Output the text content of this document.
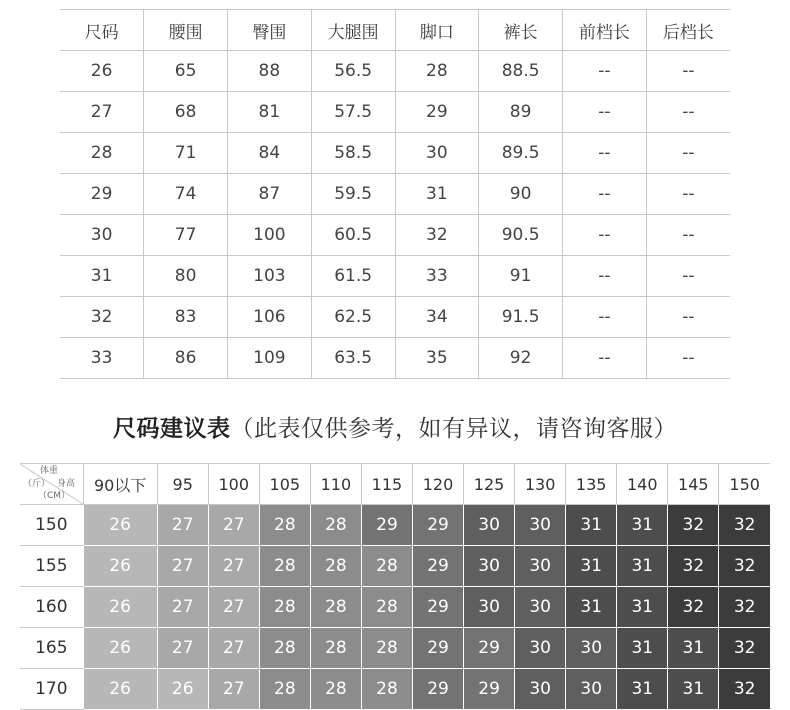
尺码	腰围	臀围	大腿围	脚口	裤长	前档长	后档长
26	65	88	56.5	28	88.5	--	--
27	68	81	57.5	29	89	--	--
28	71	84	58.5	30	89.5	--	--
29	74	87	59.5	31	90	--	--
30	77	100	60.5	32	90.5	--	--
31	80	103	61.5	33	91	--	--
32	83	106	62.5	34	91.5	--	--
33	86	109	63.5	35	92	--	--
尺码建议表（此表仅供参考，如有异议，请咨询客服）
体重
（斤） 身高
（CM）	90以下	95	100	105	110	115	120	125	130	135	140	145	150
150	26	27	27	28	28	29	29	30	30	31	31	32	32
155	26	27	27	28	28	28	29	30	30	31	31	32	32
160	26	27	27	28	28	28	29	30	30	31	31	32	32
165	26	27	27	28	28	28	29	29	30	30	31	31	32
170	26	26	27	28	28	28	29	29	30	30	31	31	32
